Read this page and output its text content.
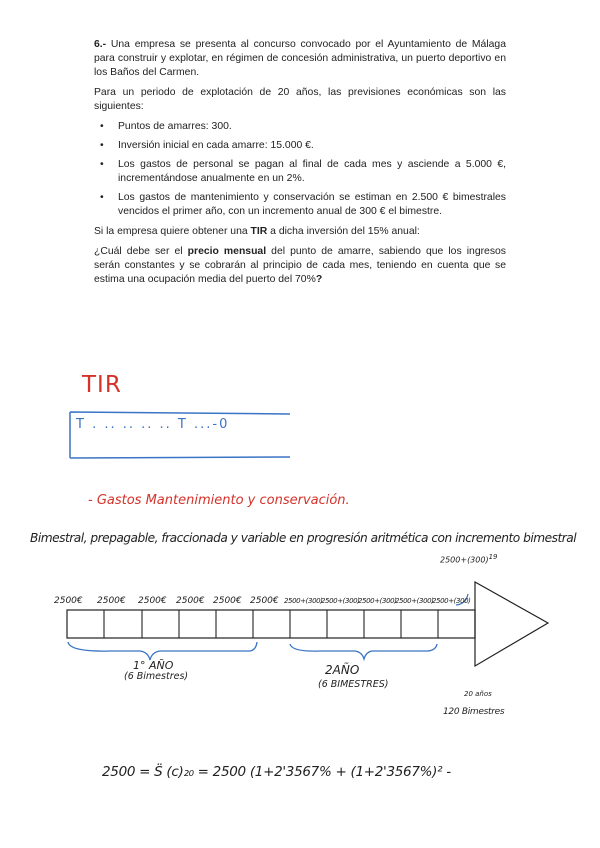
6.- Una empresa se presenta al concurso convocado por el Ayuntamiento de Málaga para construir y explotar, en régimen de concesión administrativa, un puerto deportivo en los Baños del Carmen.

Para un periodo de explotación de 20 años, las previsiones económicas son las siguientes:

• Puntos de amarres: 300.
• Inversión inicial en cada amarre: 15.000 €.
• Los gastos de personal se pagan al final de cada mes y asciende a 5.000 €, incrementándose anualmente en un 2%.
• Los gastos de mantenimiento y conservación se estiman en 2.500 € bimestrales vencidos el primer año, con un incremento anual de 300 € el bimestre.

Si la empresa quiere obtener una TIR a dicha inversión del 15% anual:

¿Cuál debe ser el precio mensual del punto de amarre, sabiendo que los ingresos serán constantes y se cobrarán al principio de cada mes, teniendo en cuenta que se estima una ocupación media del puerto del 70%?

TIR
T . .. .. .. .. T ...-0
- Gastos Mantenimiento y conservación.
Bimestral, prepagable, fraccionada y variable en progresión aritmética con incremento bimestral
$2500+(300)^{19}$
2500€ 2500€ 2500€ 2500€ 2500€ 2500€ 2500+(300)
2500+(300)
2500+(300)
2500+(300)
2500+(300)
1° AÑO
(6 Bimestres)	2AÑO
(6 BIMESTRES)
20 años
120 Bimestres
2500 = S̈ (c)₂₀ = 2500 (1+2'3567% + (1+2'3567%)² -
